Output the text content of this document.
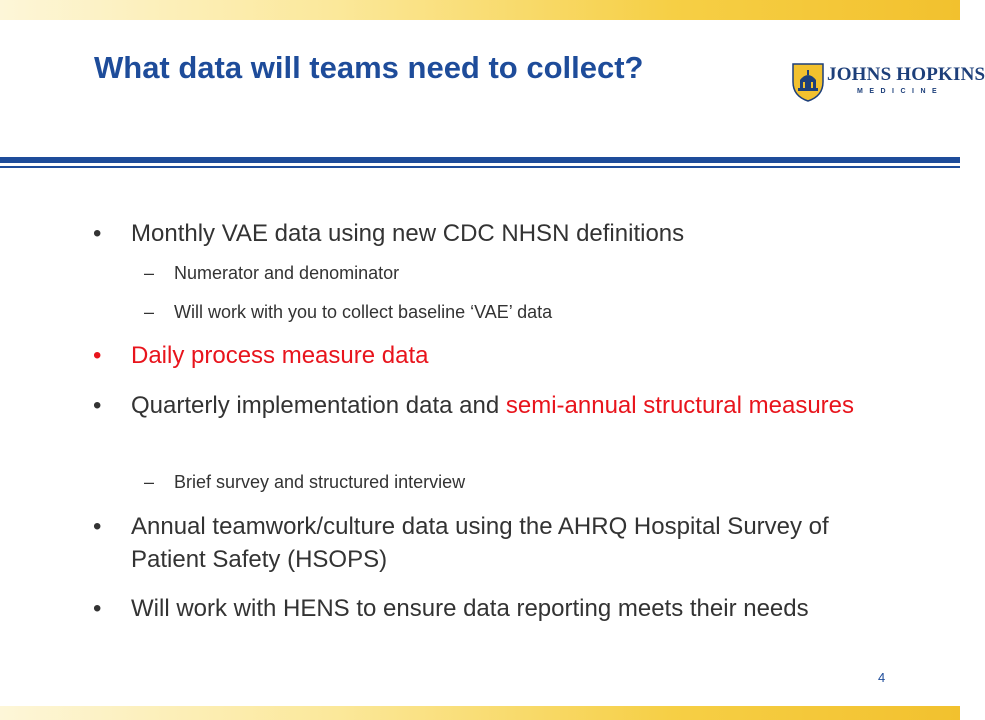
What data will teams need to collect?	JOHNS HOPKINS
MEDICINE
• Monthly VAE data using new CDC NHSN definitions
– Numerator and denominator
– Will work with you to collect baseline ‘VAE’ data
• Daily process measure data
• Quarterly implementation data and semi-annual structural measures
– Brief survey and structured interview
• Annual teamwork/culture data using the AHRQ Hospital Survey of Patient Safety (HSOPS)
• Will work with HENS to ensure data reporting meets their needs
4
